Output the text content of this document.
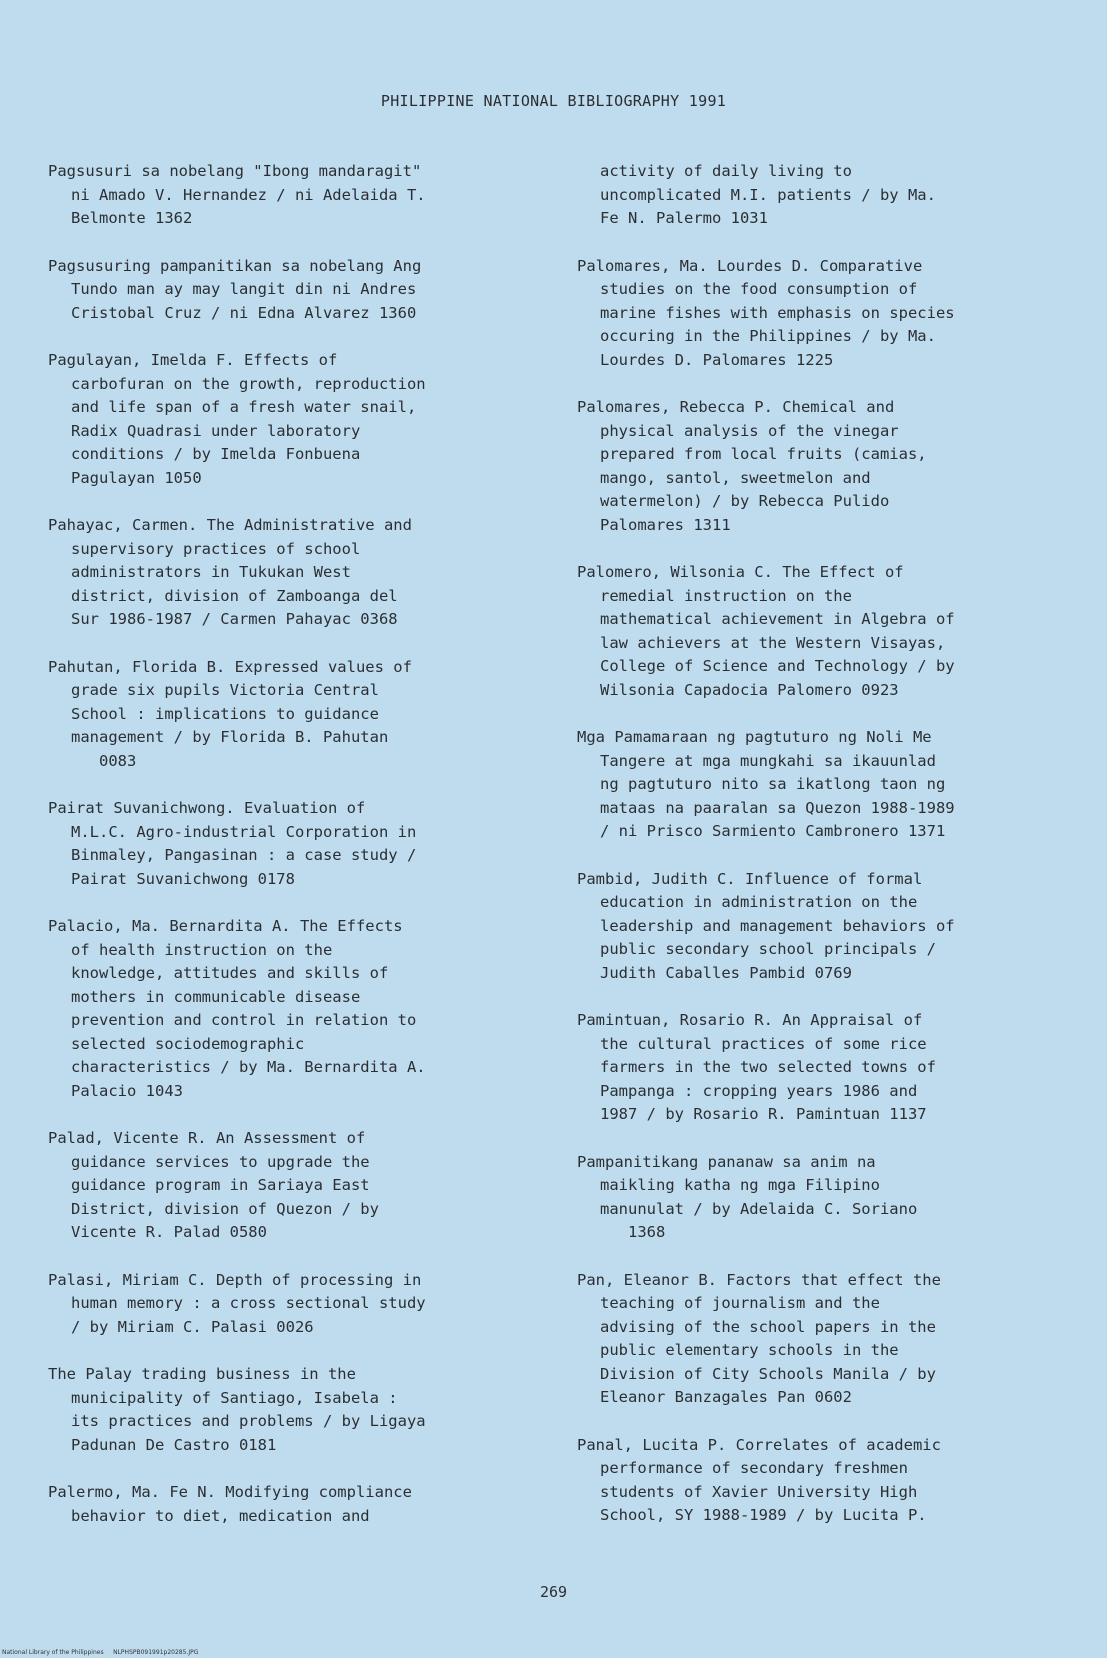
PHILIPPINE NATIONAL BIBLIOGRAPHY 1991

Pagsusuri sa nobelang "Ibong mandaragit"
ni Amado V. Hernandez / ni Adelaida T.
Belmonte 1362

Pagsusuring pampanitikan sa nobelang Ang
Tundo man ay may langit din ni Andres
Cristobal Cruz / ni Edna Alvarez 1360

Pagulayan, Imelda F. Effects of
carbofuran on the growth, reproduction
and life span of a fresh water snail,
Radix Quadrasi under laboratory
conditions / by Imelda Fonbuena
Pagulayan 1050

Pahayac, Carmen. The Administrative and
supervisory practices of school
administrators in Tukukan West
district, division of Zamboanga del
Sur 1986-1987 / Carmen Pahayac 0368

Pahutan, Florida B. Expressed values of
grade six pupils Victoria Central
School : implications to guidance
management / by Florida B. Pahutan
0083

Pairat Suvanichwong. Evaluation of
M.L.C. Agro-industrial Corporation in
Binmaley, Pangasinan : a case study /
Pairat Suvanichwong 0178

Palacio, Ma. Bernardita A. The Effects
of health instruction on the
knowledge, attitudes and skills of
mothers in communicable disease
prevention and control in relation to
selected sociodemographic
characteristics / by Ma. Bernardita A.
Palacio 1043

Palad, Vicente R. An Assessment of
guidance services to upgrade the
guidance program in Sariaya East
District, division of Quezon / by
Vicente R. Palad 0580

Palasi, Miriam C. Depth of processing in
human memory : a cross sectional study
/ by Miriam C. Palasi 0026

The Palay trading business in the
municipality of Santiago, Isabela :
its practices and problems / by Ligaya
Padunan De Castro 0181

Palermo, Ma. Fe N. Modifying compliance
behavior to diet, medication and

activity of daily living to
uncomplicated M.I. patients / by Ma.
Fe N. Palermo 1031

Palomares, Ma. Lourdes D. Comparative
studies on the food consumption of
marine fishes with emphasis on species
occuring in the Philippines / by Ma.
Lourdes D. Palomares 1225

Palomares, Rebecca P. Chemical and
physical analysis of the vinegar
prepared from local fruits (camias,
mango, santol, sweetmelon and
watermelon) / by Rebecca Pulido
Palomares 1311

Palomero, Wilsonia C. The Effect of
remedial instruction on the
mathematical achievement in Algebra of
law achievers at the Western Visayas,
College of Science and Technology / by
Wilsonia Capadocia Palomero 0923

Mga Pamamaraan ng pagtuturo ng Noli Me
Tangere at mga mungkahi sa ikauunlad
ng pagtuturo nito sa ikatlong taon ng
mataas na paaralan sa Quezon 1988-1989
/ ni Prisco Sarmiento Cambronero 1371

Pambid, Judith C. Influence of formal
education in administration on the
leadership and management behaviors of
public secondary school principals /
Judith Caballes Pambid 0769

Pamintuan, Rosario R. An Appraisal of
the cultural practices of some rice
farmers in the two selected towns of
Pampanga : cropping years 1986 and
1987 / by Rosario R. Pamintuan 1137

Pampanitikang pananaw sa anim na
maikling katha ng mga Filipino
manunulat / by Adelaida C. Soriano
1368

Pan, Eleanor B. Factors that effect the
teaching of journalism and the
advising of the school papers in the
public elementary schools in the
Division of City Schools Manila / by
Eleanor Banzagales Pan 0602

Panal, Lucita P. Correlates of academic
performance of secondary freshmen
students of Xavier University High
School, SY 1988-1989 / by Lucita P.

269
National Library of the Philippines     NLPHSPB091991p20285.JPG
